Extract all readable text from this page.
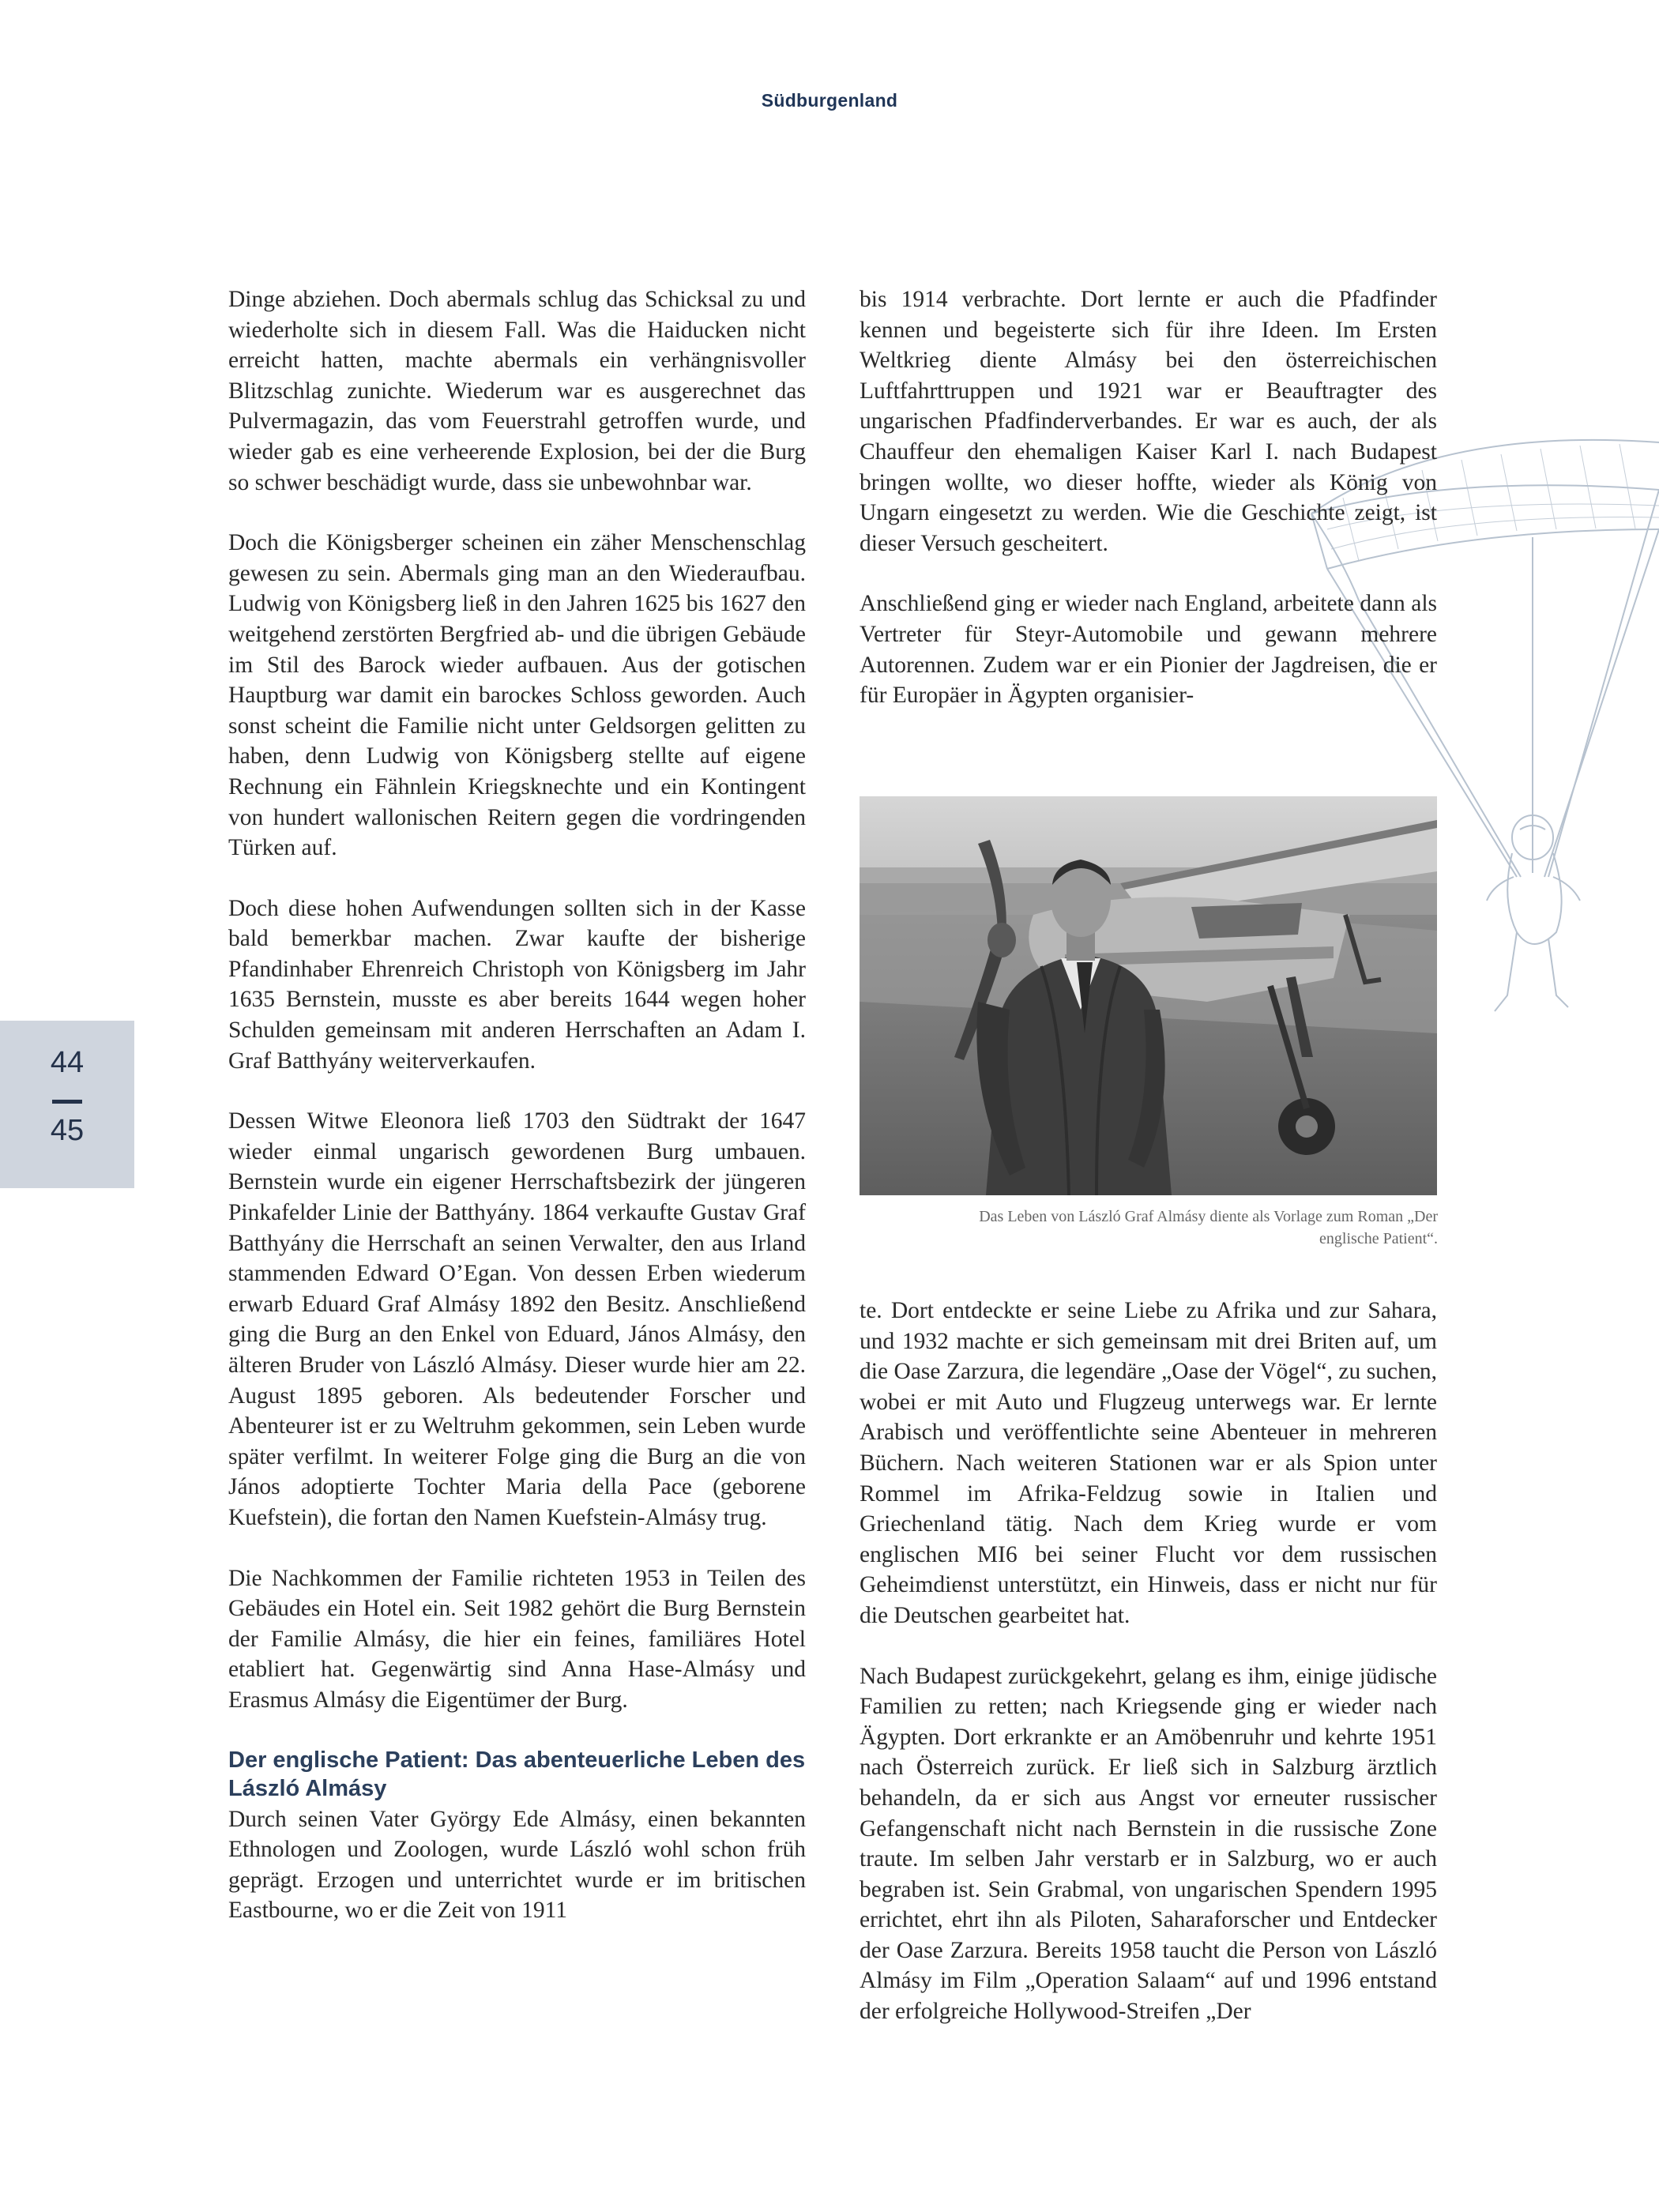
Südburgenland

Dinge abziehen. Doch abermals schlug das Schicksal zu und wiederholte sich in diesem Fall. Was die Haiducken nicht erreicht hatten, machte abermals ein verhängnisvoller Blitzschlag zunichte. Wiederum war es ausgerechnet das Pulvermagazin, das vom Feuerstrahl getroffen wurde, und wieder gab es eine verheerende Explosion, bei der die Burg so schwer beschädigt wurde, dass sie unbewohnbar war.

Doch die Königsberger scheinen ein zäher Menschenschlag gewesen zu sein. Abermals ging man an den Wiederaufbau. Ludwig von Königsberg ließ in den Jahren 1625 bis 1627 den weitgehend zerstörten Bergfried ab- und die übrigen Gebäude im Stil des Barock wieder aufbauen. Aus der gotischen Hauptburg war damit ein barockes Schloss geworden. Auch sonst scheint die Familie nicht unter Geldsorgen gelitten zu haben, denn Ludwig von Königsberg stellte auf eigene Rechnung ein Fähnlein Kriegsknechte und ein Kontingent von hundert wallonischen Reitern gegen die vordringenden Türken auf.

Doch diese hohen Aufwendungen sollten sich in der Kasse bald bemerkbar machen. Zwar kaufte der bisherige Pfandinhaber Ehrenreich Christoph von Königsberg im Jahr 1635 Bernstein, musste es aber bereits 1644 wegen hoher Schulden gemeinsam mit anderen Herrschaften an Adam I. Graf Batthyány weiterverkaufen.

Dessen Witwe Eleonora ließ 1703 den Südtrakt der 1647 wieder einmal ungarisch gewordenen Burg umbauen. Bernstein wurde ein eigener Herrschaftsbezirk der jüngeren Pinkafelder Linie der Batthyány. 1864 verkaufte Gustav Graf Batthyány die Herrschaft an seinen Verwalter, den aus Irland stammenden Edward O’Egan. Von dessen Erben wiederum erwarb Eduard Graf Almásy 1892 den Besitz. Anschließend ging die Burg an den Enkel von Eduard, János Almásy, den älteren Bruder von László Almásy. Dieser wurde hier am 22. August 1895 geboren. Als bedeutender Forscher und Abenteurer ist er zu Weltruhm gekommen, sein Leben wurde später verfilmt. In weiterer Folge ging die Burg an die von János adoptierte Tochter Maria della Pace (geborene Kuefstein), die fortan den Namen Kuefstein-Almásy trug.

Die Nachkommen der Familie richteten 1953 in Teilen des Gebäudes ein Hotel ein. Seit 1982 gehört die Burg Bernstein der Familie Almásy, die hier ein feines, familiäres Hotel etabliert hat. Gegenwärtig sind Anna Hase-Almásy und Erasmus Almásy die Eigentümer der Burg.

Der englische Patient: Das abenteuerliche Leben des László Almásy

Durch seinen Vater György Ede Almásy, einen bekannten Ethnologen und Zoologen, wurde László wohl schon früh geprägt. Erzogen und unterrichtet wurde er im britischen Eastbourne, wo er die Zeit von 1911

bis 1914 verbrachte. Dort lernte er auch die Pfadfinder kennen und begeisterte sich für ihre Ideen. Im Ersten Weltkrieg diente Almásy bei den österreichischen Luftfahrttruppen und 1921 war er Beauftragter des ungarischen Pfadfinderverbandes. Er war es auch, der als Chauffeur den ehemaligen Kaiser Karl I. nach Budapest bringen wollte, wo dieser hoffte, wieder als König von Ungarn eingesetzt zu werden. Wie die Geschichte zeigt, ist dieser Versuch gescheitert.

Anschließend ging er wieder nach England, arbeitete dann als Vertreter für Steyr-Automobile und gewann mehrere Autorennen. Zudem war er ein Pionier der Jagdreisen, die er für Europäer in Ägypten organisier-

Das Leben von László Graf Almásy diente als Vorlage zum Roman „Der englische Patient“.

te. Dort entdeckte er seine Liebe zu Afrika und zur Sahara, und 1932 machte er sich gemeinsam mit drei Briten auf, um die Oase Zarzura, die legendäre „Oase der Vögel“, zu suchen, wobei er mit Auto und Flugzeug unterwegs war. Er lernte Arabisch und veröffentlichte seine Abenteuer in mehreren Büchern. Nach weiteren Stationen war er als Spion unter Rommel im Afrika-Feldzug sowie in Italien und Griechenland tätig. Nach dem Krieg wurde er vom englischen MI6 bei seiner Flucht vor dem russischen Geheimdienst unterstützt, ein Hinweis, dass er nicht nur für die Deutschen gearbeitet hat.

Nach Budapest zurückgekehrt, gelang es ihm, einige jüdische Familien zu retten; nach Kriegsende ging er wieder nach Ägypten. Dort erkrankte er an Amöbenruhr und kehrte 1951 nach Österreich zurück. Er ließ sich in Salzburg ärztlich behandeln, da er sich aus Angst vor erneuter russischer Gefangenschaft nicht nach Bernstein in die russische Zone traute. Im selben Jahr verstarb er in Salzburg, wo er auch begraben ist. Sein Grabmal, von ungarischen Spendern 1995 errichtet, ehrt ihn als Piloten, Saharaforscher und Entdecker der Oase Zarzura. Bereits 1958 taucht die Person von László Almásy im Film „Operation Salaam“ auf und 1996 entstand der erfolgreiche Hollywood-Streifen „Der

44
45
